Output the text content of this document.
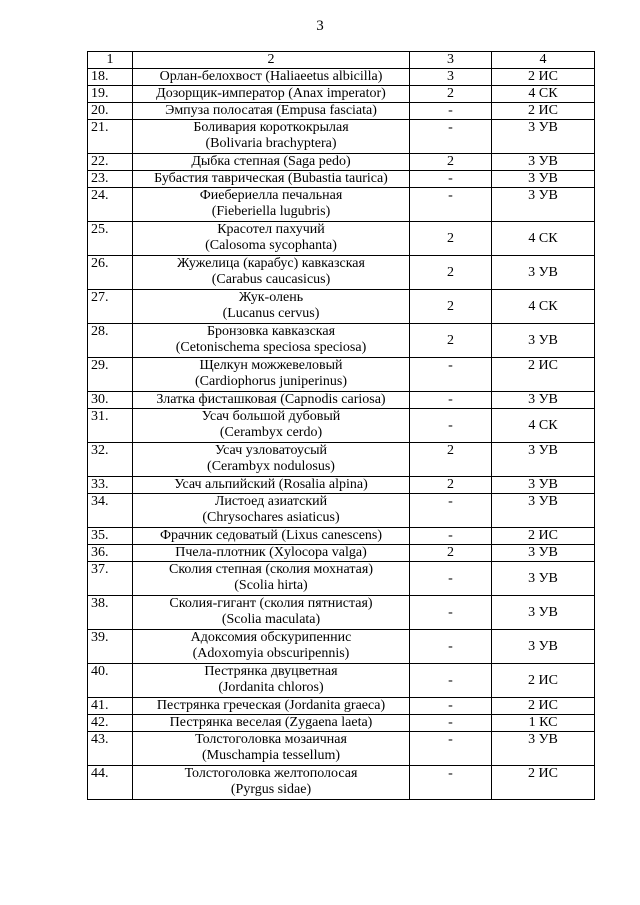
3
1	2	3	4
18.	Орлан-белохвост (Haliaeetus albicilla)	3	2 ИС
19.	Дозорщик-император (Anax imperator)	2	4 СК
20.	Эмпуза полосатая (Empusa fasciata)	-	2 ИС
21.	Боливария короткокрылая
(Bolivaria brachyptera)	-	3 УВ
22.	Дыбка степная (Saga pedo)	2	3 УВ
23.	Бубастия таврическая (Bubastia taurica)	-	3 УВ
24.	Фиебериелла печальная
(Fieberiella lugubris)	-	3 УВ
25.	Красотел пахучий
(Calosoma sycophanta)	2	4 СК
26.	Жужелица (карабус) кавказская
(Carabus caucasicus)	2	3 УВ
27.	Жук-олень
(Lucanus cervus)	2	4 СК
28.	Бронзовка кавказская
(Cetonischema speciosa speciosa)	2	3 УВ
29.	Щелкун можжевеловый
(Cardiophorus juniperinus)	-	2 ИС
30.	Златка фисташковая (Capnodis cariosa)	-	3 УВ
31.	Усач большой дубовый
(Cerambyx cerdo)	-	4 СК
32.	Усач узловатоусый
(Cerambyx nodulosus)	2	3 УВ
33.	Усач альпийский (Rosalia alpina)	2	3 УВ
34.	Листоед азиатский
(Chrysochares asiaticus)	-	3 УВ
35.	Фрачник седоватый (Lixus canescens)	-	2 ИС
36.	Пчела-плотник (Xylocopa valga)	2	3 УВ
37.	Сколия степная (сколия мохнатая)
(Scolia hirta)	-	3 УВ
38.	Сколия-гигант (сколия пятнистая)
(Scolia maculata)	-	3 УВ
39.	Адоксомия обскурипеннис
(Adoxomyia obscuripennis)	-	3 УВ
40.	Пестрянка двуцветная
(Jordanita chloros)	-	2 ИС
41.	Пестрянка греческая (Jordanita graeca)	-	2 ИС
42.	Пестрянка веселая (Zygaena laeta)	-	1 КС
43.	Толстоголовка мозаичная
(Muschampia tessellum)	-	3 УВ
44.	Толстоголовка желтополосая
(Pyrgus sidae)	-	2 ИС
